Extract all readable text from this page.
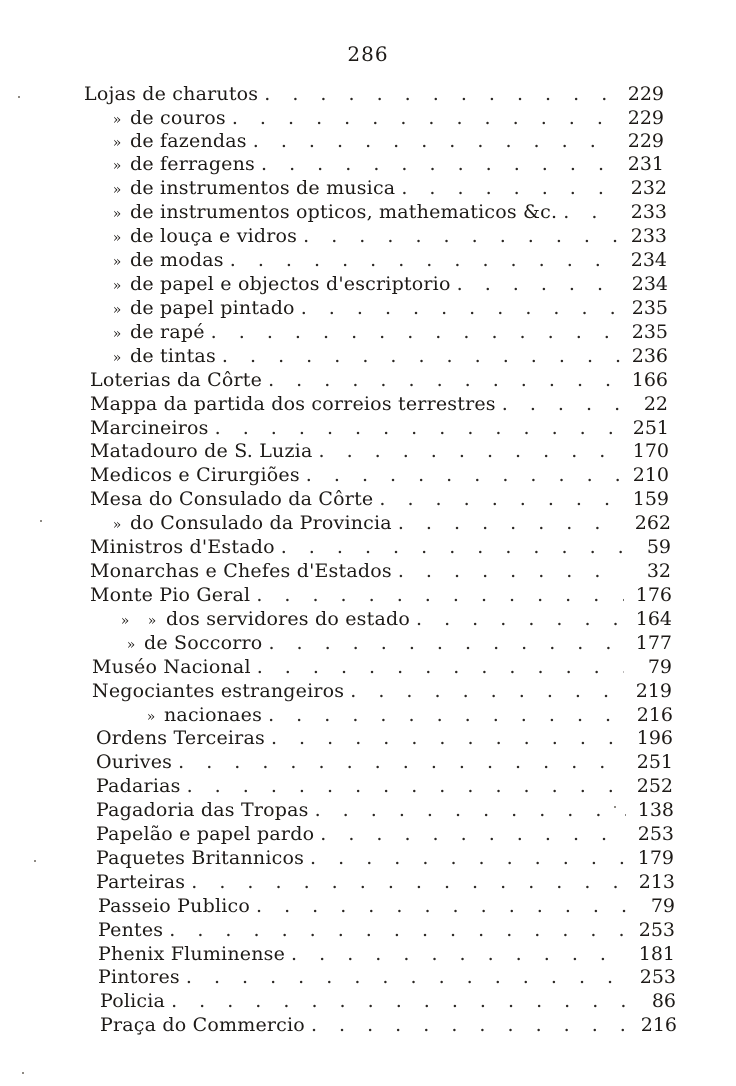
286
Lojas de charutos . . .	229
» de couros . . .	229
» de fazendas . . .	229
» de ferragens . . .	231
» de instrumentos de musica . . .	232
» de instrumentos opticos, mathematicos &c. . . .	233
» de louça e vidros . . .	233
» de modas . . .	234
» de papel e objectos d'escriptorio . . .	234
» de papel pintado . . .	235
» de rapé . . .	235
» de tintas . . .	236
Loterias da Côrte . . .	166
Mappa da partida dos correios terrestres . . .	22
Marcineiros . . .	251
Matadouro de S. Luzia . . .	170
Medicos e Cirurgiões . . .	210
Mesa do Consulado da Côrte . . .	159
» do Consulado da Provincia . . .	262
Ministros d'Estado . . .	59
Monarchas e Chefes d'Estados . . .	32
Monte Pio Geral . . .	176
»	» dos servidores do estado . . .	164
» de Soccorro . . .	177
Muséo Nacional . . .	79
Negociantes estrangeiros . . .	219
» nacionaes . . .	216
Ordens Terceiras . . .	196
Ourives . . .	251
Padarias . . .	252
Pagadoria das Tropas . . .	138
Papelão e papel pardo . . .	253
Paquetes Britannicos . . .	179
Parteiras . . .	213
Passeio Publico . . .	79
Pentes . . .	253
Phenix Fluminense . . .	181
Pintores . . .	253
Policia . . .	86
Praça do Commercio . . .	216
